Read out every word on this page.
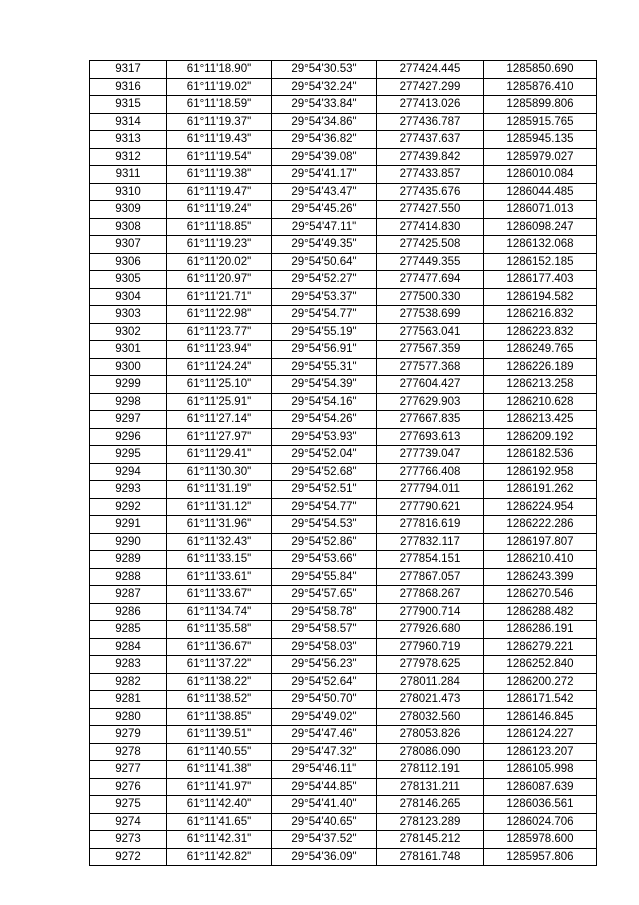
9317	61°11'18.90"	29°54'30.53"	277424.445	1285850.690
9316	61°11'19.02"	29°54'32.24"	277427.299	1285876.410
9315	61°11'18.59"	29°54'33.84"	277413.026	1285899.806
9314	61°11'19.37"	29°54'34.86"	277436.787	1285915.765
9313	61°11'19.43"	29°54'36.82"	277437.637	1285945.135
9312	61°11'19.54"	29°54'39.08"	277439.842	1285979.027
9311	61°11'19.38"	29°54'41.17"	277433.857	1286010.084
9310	61°11'19.47"	29°54'43.47"	277435.676	1286044.485
9309	61°11'19.24"	29°54'45.26"	277427.550	1286071.013
9308	61°11'18.85"	29°54'47.11"	277414.830	1286098.247
9307	61°11'19.23"	29°54'49.35"	277425.508	1286132.068
9306	61°11'20.02"	29°54'50.64"	277449.355	1286152.185
9305	61°11'20.97"	29°54'52.27"	277477.694	1286177.403
9304	61°11'21.71"	29°54'53.37"	277500.330	1286194.582
9303	61°11'22.98"	29°54'54.77"	277538.699	1286216.832
9302	61°11'23.77"	29°54'55.19"	277563.041	1286223.832
9301	61°11'23.94"	29°54'56.91"	277567.359	1286249.765
9300	61°11'24.24"	29°54'55.31"	277577.368	1286226.189
9299	61°11'25.10"	29°54'54.39"	277604.427	1286213.258
9298	61°11'25.91"	29°54'54.16"	277629.903	1286210.628
9297	61°11'27.14"	29°54'54.26"	277667.835	1286213.425
9296	61°11'27.97"	29°54'53.93"	277693.613	1286209.192
9295	61°11'29.41"	29°54'52.04"	277739.047	1286182.536
9294	61°11'30.30"	29°54'52.68"	277766.408	1286192.958
9293	61°11'31.19"	29°54'52.51"	277794.011	1286191.262
9292	61°11'31.12"	29°54'54.77"	277790.621	1286224.954
9291	61°11'31.96"	29°54'54.53"	277816.619	1286222.286
9290	61°11'32.43"	29°54'52.86"	277832.117	1286197.807
9289	61°11'33.15"	29°54'53.66"	277854.151	1286210.410
9288	61°11'33.61"	29°54'55.84"	277867.057	1286243.399
9287	61°11'33.67"	29°54'57.65"	277868.267	1286270.546
9286	61°11'34.74"	29°54'58.78"	277900.714	1286288.482
9285	61°11'35.58"	29°54'58.57"	277926.680	1286286.191
9284	61°11'36.67"	29°54'58.03"	277960.719	1286279.221
9283	61°11'37.22"	29°54'56.23"	277978.625	1286252.840
9282	61°11'38.22"	29°54'52.64"	278011.284	1286200.272
9281	61°11'38.52"	29°54'50.70"	278021.473	1286171.542
9280	61°11'38.85"	29°54'49.02"	278032.560	1286146.845
9279	61°11'39.51"	29°54'47.46"	278053.826	1286124.227
9278	61°11'40.55"	29°54'47.32"	278086.090	1286123.207
9277	61°11'41.38"	29°54'46.11"	278112.191	1286105.998
9276	61°11'41.97"	29°54'44.85"	278131.211	1286087.639
9275	61°11'42.40"	29°54'41.40"	278146.265	1286036.561
9274	61°11'41.65"	29°54'40.65"	278123.289	1286024.706
9273	61°11'42.31"	29°54'37.52"	278145.212	1285978.600
9272	61°11'42.82"	29°54'36.09"	278161.748	1285957.806
